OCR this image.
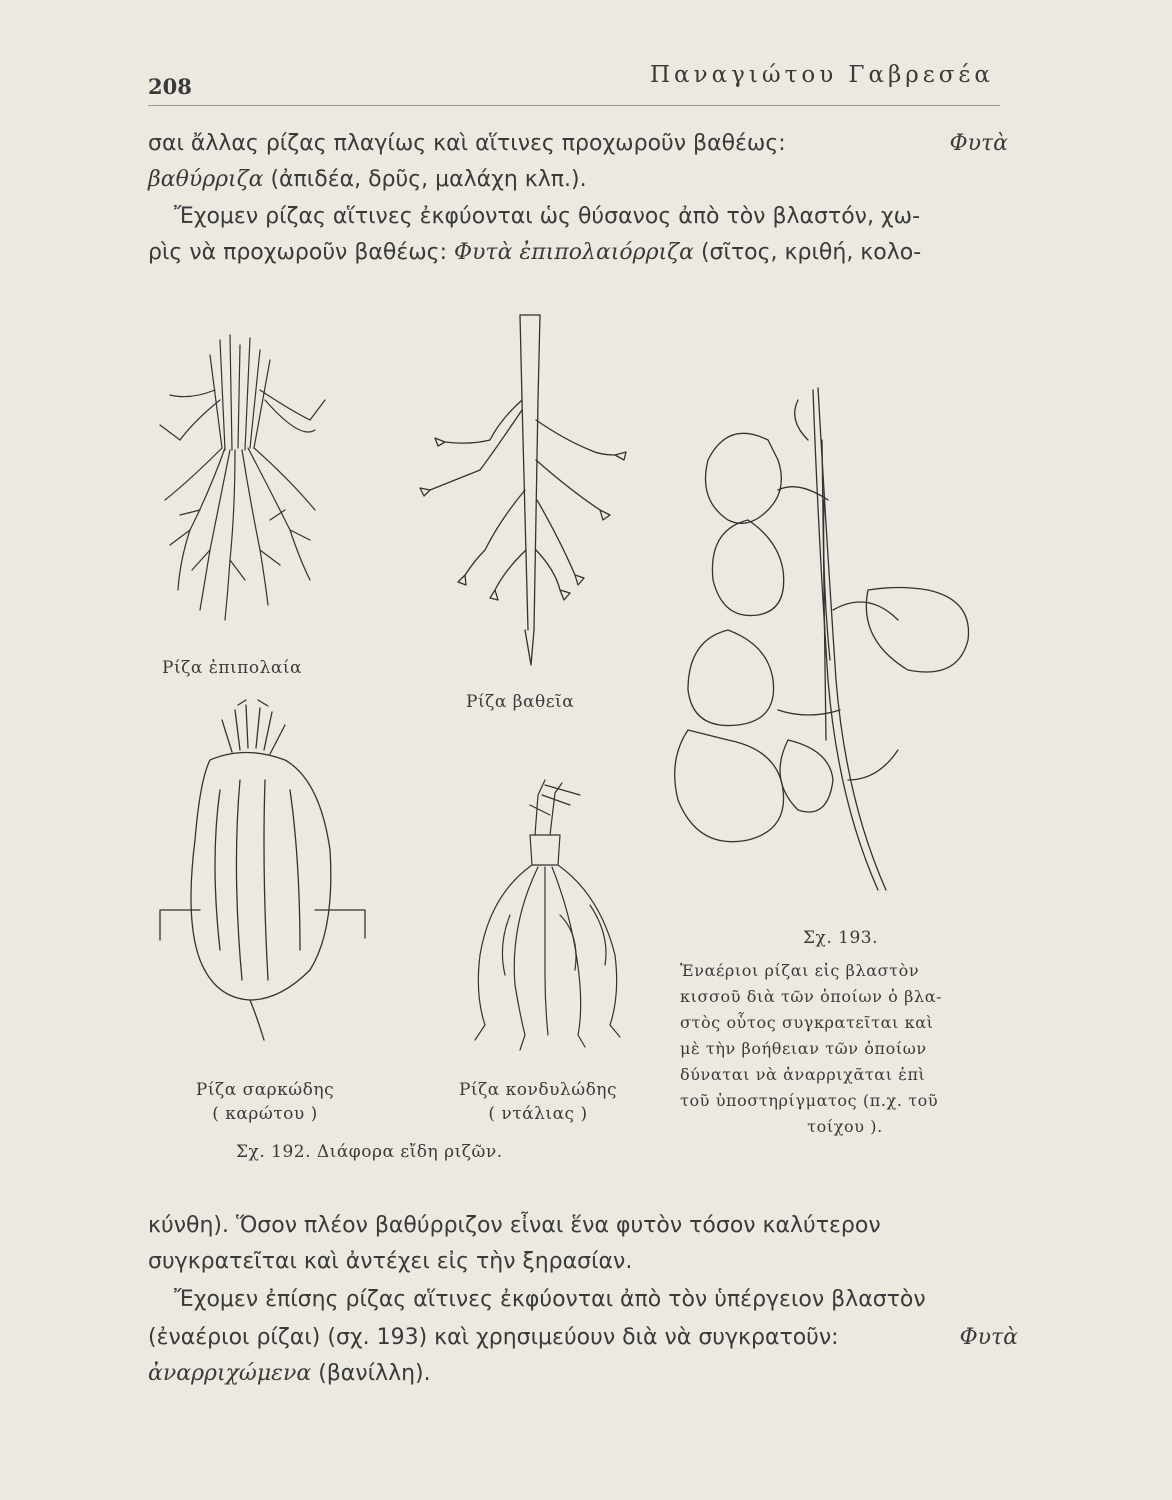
208	Παναγιώτου Γαβρεσέα
σαι ἄλλας ρίζας πλαγίως καὶ αἵτινες προχωροῦν βαθέως:	Φυτὰ
βαθύρριζα (ἀπιδέα, δρῦς, μαλάχη κλπ.).
Ἔχομεν ρίζας αἵτινες ἐκφύονται ὡς θύσανος ἀπὸ τὸν βλαστόν, χω-
ρὶς νὰ προχωροῦν βαθέως: Φυτὰ ἐπιπολαιόρριζα (σῖτος, κριθή, κολο-
Ρίζα ἐπιπολαία
Ρίζα βαθεῖα
Ρίζα σαρκώδης
( καρώτου )
Ρίζα κονδυλώδης
( ντάλιας )
Σχ. 192. Διάφορα εἴδη ριζῶν.
Σχ. 193.
Ἐναέριοι ρίζαι εἰς βλαστὸν
κισσοῦ διὰ τῶν ὁποίων ὁ βλα-
στὸς οὗτος συγκρατεῖται καὶ
μὲ τὴν βοήθειαν τῶν ὁποίων
δύναται νὰ ἀναρριχᾶται ἐπὶ
τοῦ ὑποστηρίγματος (π.χ. τοῦ
τοίχου ).
κύνθη). Ὅσον πλέον βαθύρριζον εἶναι ἕνα φυτὸν τόσον καλύτερον
συγκρατεῖται καὶ ἀντέχει εἰς τὴν ξηρασίαν.
Ἔχομεν ἐπίσης ρίζας αἵτινες ἐκφύονται ἀπὸ τὸν ὑπέργειον βλαστὸν
(ἐναέριοι ρίζαι) (σχ. 193) καὶ χρησιμεύουν διὰ νὰ συγκρατοῦν:	Φυτὰ
ἀναρριχώμενα (βανίλλη).
